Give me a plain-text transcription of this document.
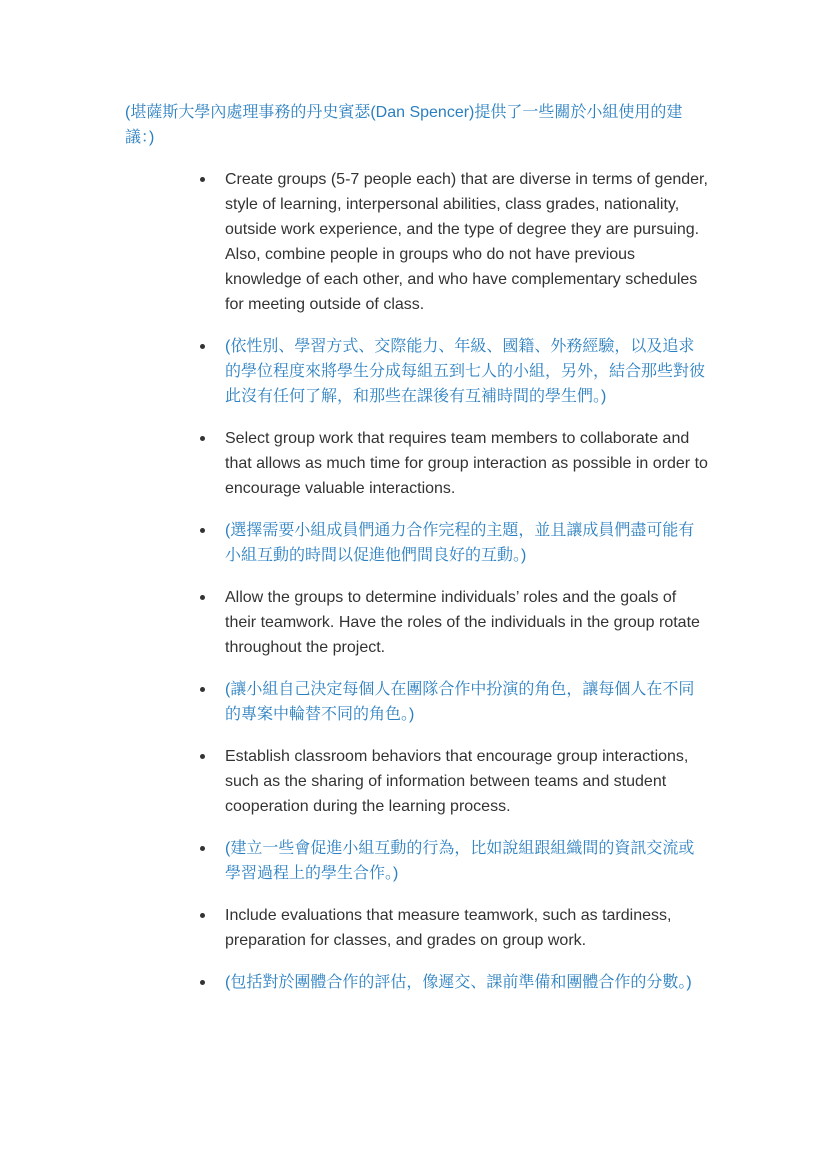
(堪薩斯大學內處理事務的丹史賓瑟(Dan Spencer)提供了一些關於小組使用的建議：)

Create groups (5-7 people each) that are diverse in terms of gender, style of learning, interpersonal abilities, class grades, nationality, outside work experience, and the type of degree they are pursuing. Also, combine people in groups who do not have previous knowledge of each other, and who have complementary schedules for meeting outside of class.
(依性別、學習方式、交際能力、年級、國籍、外務經驗，以及追求的學位程度來將學生分成每組五到七人的小組，另外，結合那些對彼此沒有任何了解，和那些在課後有互補時間的學生們。)
Select group work that requires team members to collaborate and that allows as much time for group interaction as possible in order to encourage valuable interactions.
(選擇需要小組成員們通力合作完程的主題，並且讓成員們盡可能有小組互動的時間以促進他們間良好的互動。)
Allow the groups to determine individuals’ roles and the goals of their teamwork. Have the roles of the individuals in the group rotate throughout the project.
(讓小組自己決定每個人在團隊合作中扮演的角色，讓每個人在不同的專案中輪替不同的角色。)
Establish classroom behaviors that encourage group interactions, such as the sharing of information between teams and student cooperation during the learning process.
(建立一些會促進小組互動的行為，比如說組跟組織間的資訊交流或學習過程上的學生合作。)
Include evaluations that measure teamwork, such as tardiness, preparation for classes, and grades on group work.
(包括對於團體合作的評估，像遲交、課前準備和團體合作的分數。)
